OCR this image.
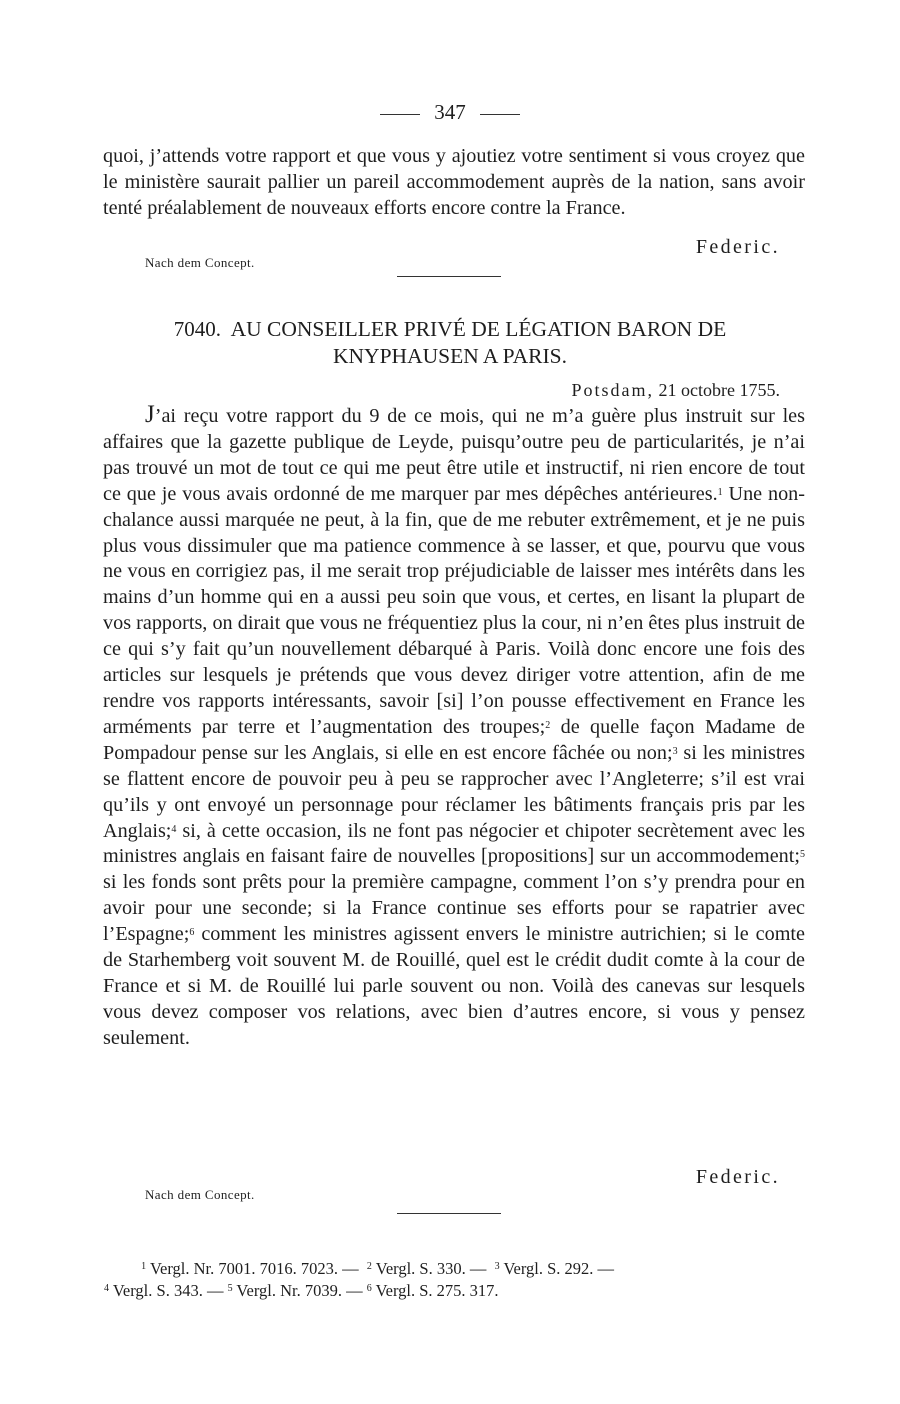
347
quoi, j’attends votre rapport et que vous y ajoutiez votre sentiment si vous croyez que le ministère saurait pallier un pareil accommodement auprès de la nation, sans avoir tenté préalablement de nouveaux efforts encore contre la France.
Federic.
Nach dem Concept.
7040. AU CONSEILLER PRIVÉ DE LÉGATION BARON DE
KNYPHAUSEN A PARIS.
Potsdam, 21 octobre 1755.
J’ai reçu votre rapport du 9 de ce mois, qui ne m’a guère plus instruit sur les affaires que la gazette publique de Leyde, puisqu’outre peu de particularités, je n’ai pas trouvé un mot de tout ce qui me peut être utile et instructif, ni rien encore de tout ce que je vous avais ordonné de me marquer par mes dépêches antérieures.$^1$ Une nonchalance aussi marquée ne peut, à la fin, que de me rebuter extrêmement, et je ne puis plus vous dissimuler que ma patience commence à se lasser, et que, pourvu que vous ne vous en corrigiez pas, il me serait trop préjudiciable de laisser mes intérêts dans les mains d’un homme qui en a aussi peu soin que vous, et certes, en lisant la plupart de vos rapports, on dirait que vous ne fréquentiez plus la cour, ni n’en êtes plus instruit de ce qui s’y fait qu’un nouvellement débarqué à Paris. Voilà donc encore une fois des articles sur lesquels je prétends que vous devez diriger votre attention, afin de me rendre vos rapports intéressants, savoir [si] l’on pousse effectivement en France les arméments par terre et l’augmentation des troupes;$^2$ de quelle façon Madame de Pompadour pense sur les Anglais, si elle en est encore fâchée ou non;$^3$ si les ministres se flattent encore de pouvoir peu à peu se rapprocher avec l’Angleterre; s’il est vrai qu’ils y ont envoyé un personnage pour réclamer les bâtiments français pris par les Anglais;$^4$ si, à cette occasion, ils ne font pas négocier et chipoter secrètement avec les ministres anglais en faisant faire de nouvelles [propositions] sur un accommodement;$^5$ si les fonds sont prêts pour la première campagne, comment l’on s’y prendra pour en avoir pour une seconde; si la France continue ses efforts pour se rapatrier avec l’Espagne;$^6$ comment les ministres agissent envers le ministre autrichien; si le comte de Starhemberg voit souvent M. de Rouillé, quel est le crédit dudit comte à la cour de France et si M. de Rouillé lui parle souvent ou non. Voilà des canevas sur lesquels vous devez composer vos relations, avec bien d’autres encore, si vous y pensez seulement.
Federic.
Nach dem Concept.
$^1$ Vergl. Nr. 7001. 7016. 7023. — $^2$ Vergl. S. 330. — $^3$ Vergl. S. 292. —
$^4$ Vergl. S. 343. — $^5$ Vergl. Nr. 7039. — $^6$ Vergl. S. 275. 317.
